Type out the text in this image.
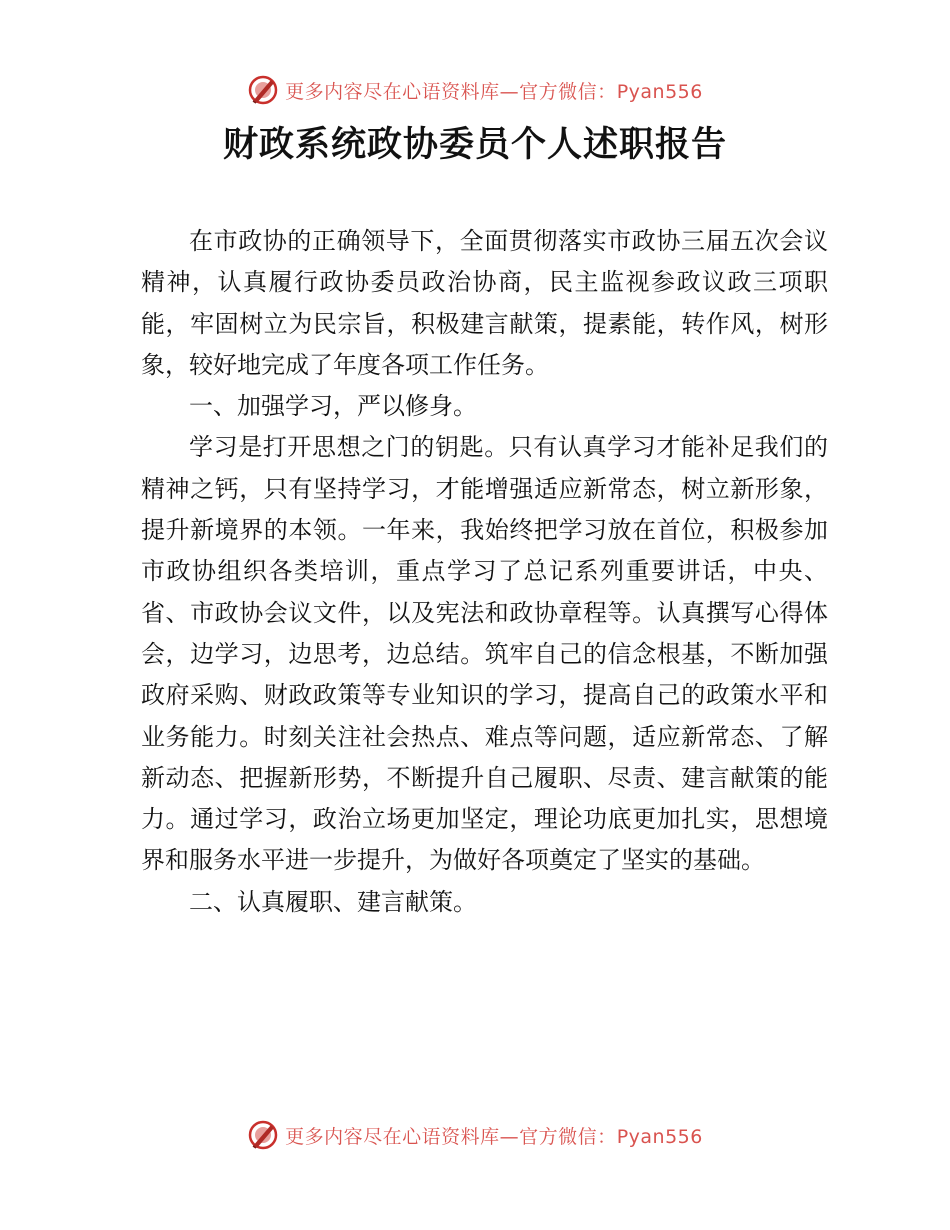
更多内容尽在心语资料库—官方微信：Pyan556
财政系统政协委员个人述职报告

在市政协的正确领导下，全面贯彻落实市政协三届五次会议精神，认真履行政协委员政治协商，民主监视参政议政三项职能，牢固树立为民宗旨，积极建言献策，提素能，转作风，树形象，较好地完成了年度各项工作任务。

一、加强学习，严以修身。

学习是打开思想之门的钥匙。只有认真学习才能补足我们的精神之钙，只有坚持学习，才能增强适应新常态，树立新形象，提升新境界的本领。一年来，我始终把学习放在首位，积极参加市政协组织各类培训，重点学习了总记系列重要讲话，中央、省、市政协会议文件，以及宪法和政协章程等。认真撰写心得体会，边学习，边思考，边总结。筑牢自己的信念根基，不断加强政府采购、财政政策等专业知识的学习，提高自己的政策水平和业务能力。时刻关注社会热点、难点等问题，适应新常态、了解新动态、把握新形势，不断提升自己履职、尽责、建言献策的能力。通过学习，政治立场更加坚定，理论功底更加扎实，思想境界和服务水平进一步提升，为做好各项奠定了坚实的基础。

二、认真履职、建言献策。

更多内容尽在心语资料库—官方微信：Pyan556
